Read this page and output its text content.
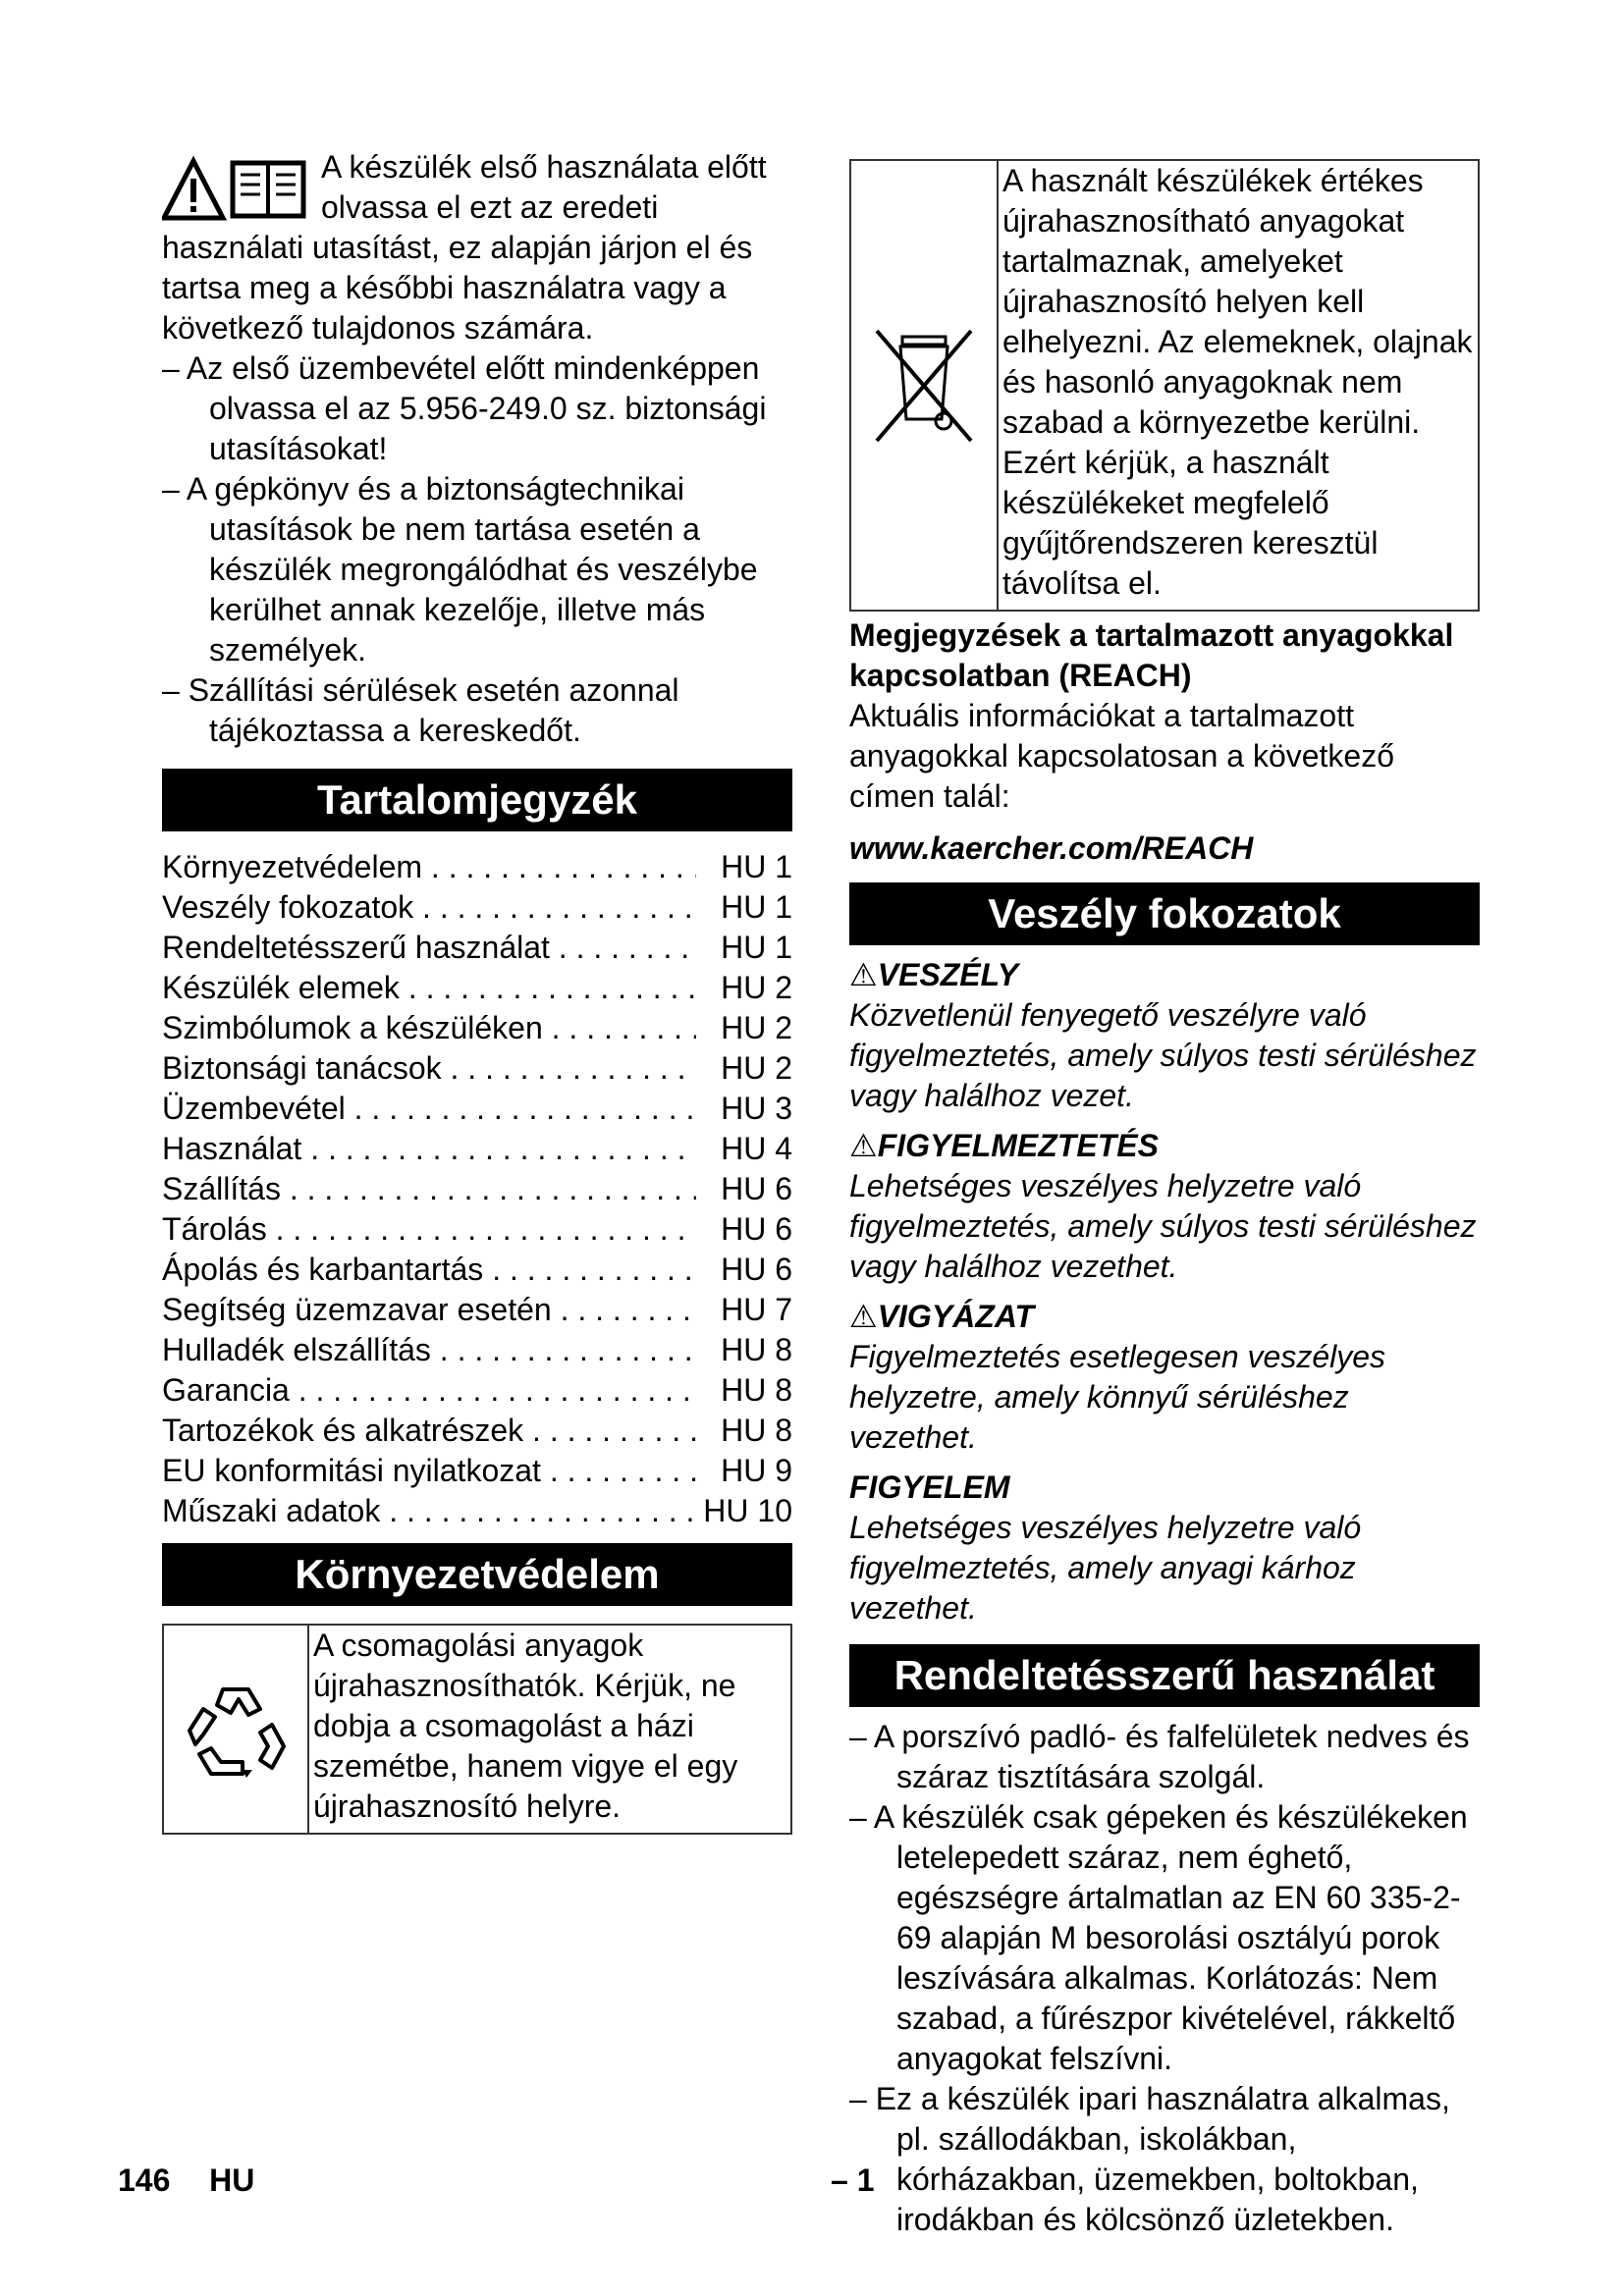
A készülék első használata előtt olvassa el ezt az eredeti használati utasítást, ez alapján járjon el és tartsa meg a későbbi használatra vagy a következő tulajdonos számára.

– Az első üzembevétel előtt mindenképpen olvassa el az 5.956-249.0 sz. biztonsági utasításokat!

– A gépkönyv és a biztonságtechnikai utasítások be nem tartása esetén a készülék megrongálódhat és veszélybe kerülhet annak kezelője, illetve más személyek.

– Szállítási sérülések esetén azonnal tájékoztassa a kereskedőt.

Tartalomjegyzék
Környezetvédelem . . .	HU 1
Veszély fokozatok . . .	HU 1
Rendeltetésszerű használat . . .	HU 1
Készülék elemek . . .	HU 2
Szimbólumok a készüléken . . .	HU 2
Biztonsági tanácsok . . .	HU 2
Üzembevétel . . .	HU 3
Használat . . .	HU 4
Szállítás . . .	HU 6
Tárolás . . .	HU 6
Ápolás és karbantartás . . .	HU 6
Segítség üzemzavar esetén . . .	HU 7
Hulladék elszállítás . . .	HU 8
Garancia . . .	HU 8
Tartozékok és alkatrészek . . .	HU 8
EU konformitási nyilatkozat . . .	HU 9
Műszaki adatok . . .	HU 10
Környezetvédelem
A csomagolási anyagok újrahasznosíthatók. Kérjük, ne dobja a csomagolást a házi szemétbe, hanem vigye el egy újrahasznosító helyre.
A használt készülékek értékes újrahasznosítható anyagokat tartalmaznak, amelyeket újrahasznosító helyen kell elhelyezni. Az elemeknek, olajnak és hasonló anyagoknak nem szabad a környezetbe kerülni. Ezért kérjük, a használt készülékeket megfelelő gyűjtőrendszeren keresztül távolítsa el.

Megjegyzések a tartalmazott anyagokkal kapcsolatban (REACH)

Aktuális információkat a tartalmazott anyagokkal kapcsolatosan a következő címen talál:

www.kaercher.com/REACH

Veszély fokozatok

⚠VESZÉLY

Közvetlenül fenyegető veszélyre való figyelmeztetés, amely súlyos testi sérüléshez vagy halálhoz vezet.

⚠FIGYELMEZTETÉS

Lehetséges veszélyes helyzetre való figyelmeztetés, amely súlyos testi sérüléshez vagy halálhoz vezethet.

⚠VIGYÁZAT

Figyelmeztetés esetlegesen veszélyes helyzetre, amely könnyű sérüléshez vezethet.

FIGYELEM

Lehetséges veszélyes helyzetre való figyelmeztetés, amely anyagi kárhoz vezethet.

Rendeltetésszerű használat

– A porszívó padló- és falfelületek nedves és száraz tisztítására szolgál.

– A készülék csak gépeken és készülékeken letelepedett száraz, nem éghető, egészségre ártalmatlan az EN 60 335-2-69 alapján M besorolási osztályú porok leszívására alkalmas. Korlátozás: Nem szabad, a fűrészpor kivételével, rákkeltő anyagokat felszívni.

– Ez a készülék ipari használatra alkalmas, pl. szállodákban, iskolákban, kórházakban, üzemekben, boltokban, irodákban és kölcsönző üzletekben.

146 HU	– 1
